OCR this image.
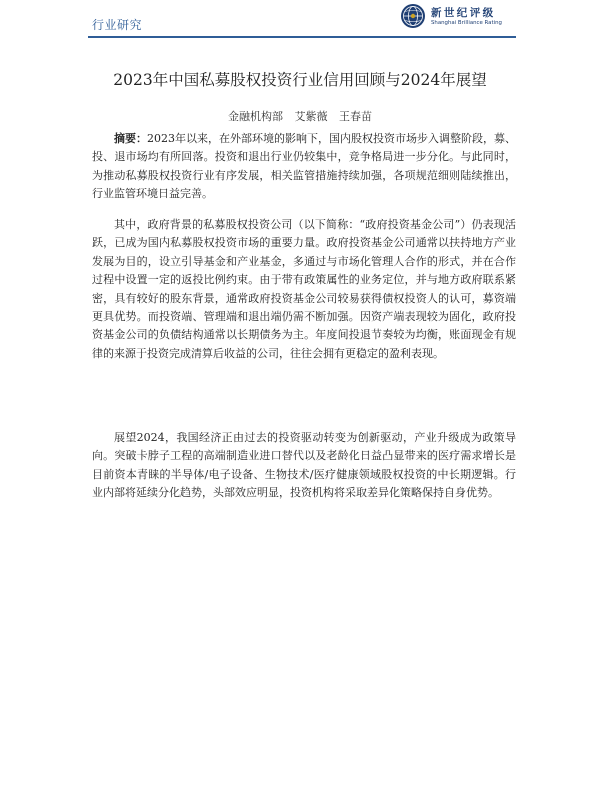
行业研究
新世纪评级
Shanghai Brilliance Rating
2023年中国私募股权投资行业信用回顾与2024年展望
金融机构部 艾紫薇 王春苗

摘要：2023年以来，在外部环境的影响下，国内股权投资市场步入调整阶段，募、投、退市场均有所回落。投资和退出行业仍较集中，竞争格局进一步分化。与此同时，为推动私募股权投资行业有序发展，相关监管措施持续加强，各项规范细则陆续推出，行业监管环境日益完善。

其中，政府背景的私募股权投资公司（以下简称：“政府投资基金公司”）仍表现活跃，已成为国内私募股权投资市场的重要力量。政府投资基金公司通常以扶持地方产业发展为目的，设立引导基金和产业基金，多通过与市场化管理人合作的形式，并在合作过程中设置一定的返投比例约束。由于带有政策属性的业务定位，并与地方政府联系紧密，具有较好的股东背景，通常政府投资基金公司较易获得债权投资人的认可，募资端更具优势。而投资端、管理端和退出端仍需不断加强。因资产端表现较为固化，政府投资基金公司的负债结构通常以长期债务为主。年度间投退节奏较为均衡，账面现金有规律的来源于投资完成清算后收益的公司，往往会拥有更稳定的盈利表现。

展望2024，我国经济正由过去的投资驱动转变为创新驱动，产业升级成为政策导向。突破卡脖子工程的高端制造业进口替代以及老龄化日益凸显带来的医疗需求增长是目前资本青睐的半导体/电子设备、生物技术/医疗健康领域股权投资的中长期逻辑。行业内部将延续分化趋势，头部效应明显，投资机构将采取差异化策略保持自身优势。
